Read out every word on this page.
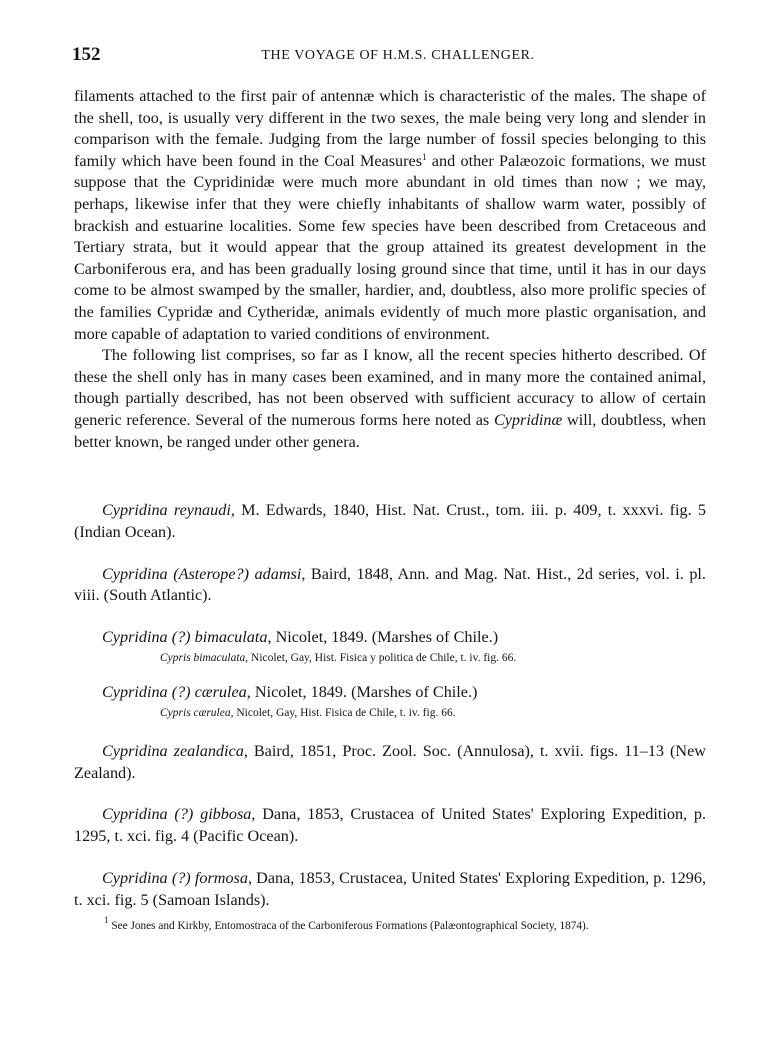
152	THE VOYAGE OF H.M.S. CHALLENGER.

filaments attached to the first pair of antennæ which is characteristic of the males. The shape of the shell, too, is usually very different in the two sexes, the male being very long and slender in comparison with the female. Judging from the large number of fossil species belonging to this family which have been found in the Coal Measures$^1$ and other Palæozoic formations, we must suppose that the Cypridinidæ were much more abundant in old times than now ; we may, perhaps, likewise infer that they were chiefly inhabitants of shallow warm water, possibly of brackish and estuarine localities. Some few species have been described from Cretaceous and Tertiary strata, but it would appear that the group attained its greatest development in the Carboniferous era, and has been gradually losing ground since that time, until it has in our days come to be almost swamped by the smaller, hardier, and, doubtless, also more prolific species of the families Cypridæ and Cytheridæ, animals evidently of much more plastic organisation, and more capable of adaptation to varied conditions of environment.

The following list comprises, so far as I know, all the recent species hitherto described. Of these the shell only has in many cases been examined, and in many more the contained animal, though partially described, has not been observed with sufficient accuracy to allow of certain generic reference. Several of the numerous forms here noted as Cypridinæ will, doubtless, when better known, be ranged under other genera.

Cypridina reynaudi, M. Edwards, 1840, Hist. Nat. Crust., tom. iii. p. 409, t. xxxvi. fig. 5 (Indian Ocean).

Cypridina (Asterope?) adamsi, Baird, 1848, Ann. and Mag. Nat. Hist., 2d series, vol. i. pl. viii. (South Atlantic).

Cypridina (?) bimaculata, Nicolet, 1849. (Marshes of Chile.)
Cypris bimaculata, Nicolet, Gay, Hist. Fisica y politica de Chile, t. iv. fig. 66.

Cypridina (?) cærulea, Nicolet, 1849. (Marshes of Chile.)
Cypris cærulea, Nicolet, Gay, Hist. Fisica de Chile, t. iv. fig. 66.

Cypridina zealandica, Baird, 1851, Proc. Zool. Soc. (Annulosa), t. xvii. figs. 11–13 (New Zealand).

Cypridina (?) gibbosa, Dana, 1853, Crustacea of United States' Exploring Expedition, p. 1295, t. xci. fig. 4 (Pacific Ocean).

Cypridina (?) formosa, Dana, 1853, Crustacea, United States' Exploring Expedition, p. 1296, t. xci. fig. 5 (Samoan Islands).

$^1$ See Jones and Kirkby, Entomostraca of the Carboniferous Formations (Palæontographical Society, 1874).
